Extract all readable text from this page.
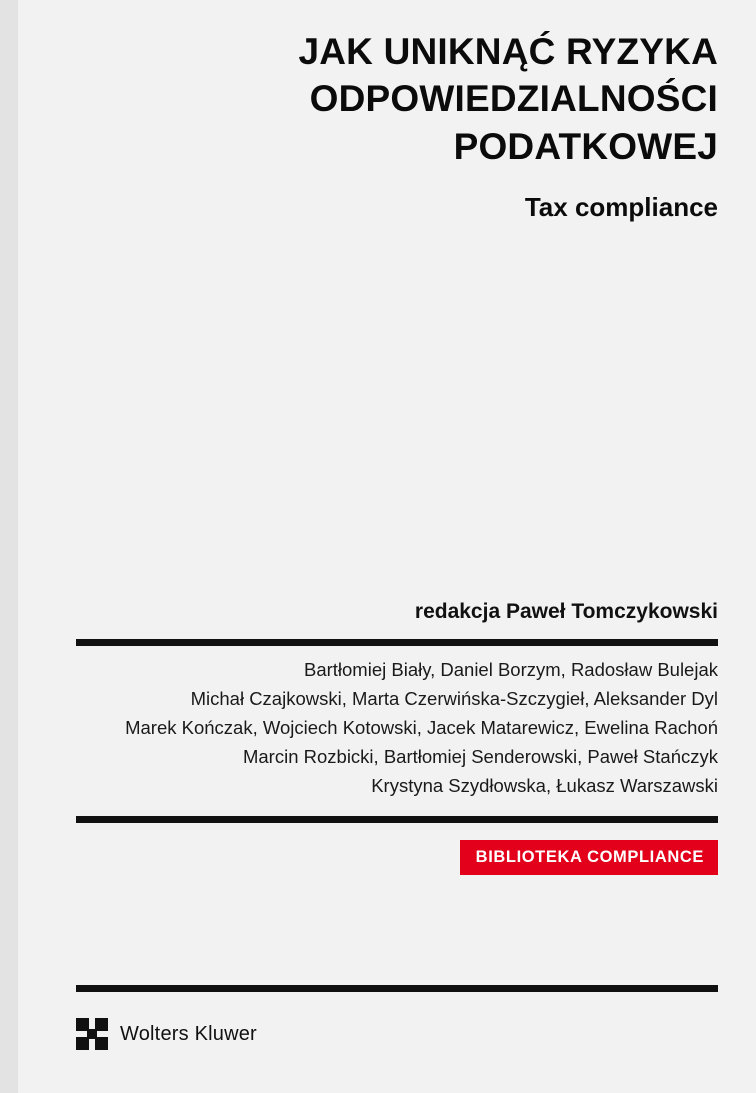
JAK UNIKNĄĆ RYZYKA
ODPOWIEDZIALNOŚCI
PODATKOWEJ
Tax compliance
redakcja Paweł Tomczykowski
Bartłomiej Biały, Daniel Borzym, Radosław Bulejak
Michał Czajkowski, Marta Czerwińska-Szczygieł, Aleksander Dyl
Marek Kończak, Wojciech Kotowski, Jacek Matarewicz, Ewelina Rachoń
Marcin Rozbicki, Bartłomiej Senderowski, Paweł Stańczyk
Krystyna Szydłowska, Łukasz Warszawski
BIBLIOTEKA COMPLIANCE
Wolters Kluwer
